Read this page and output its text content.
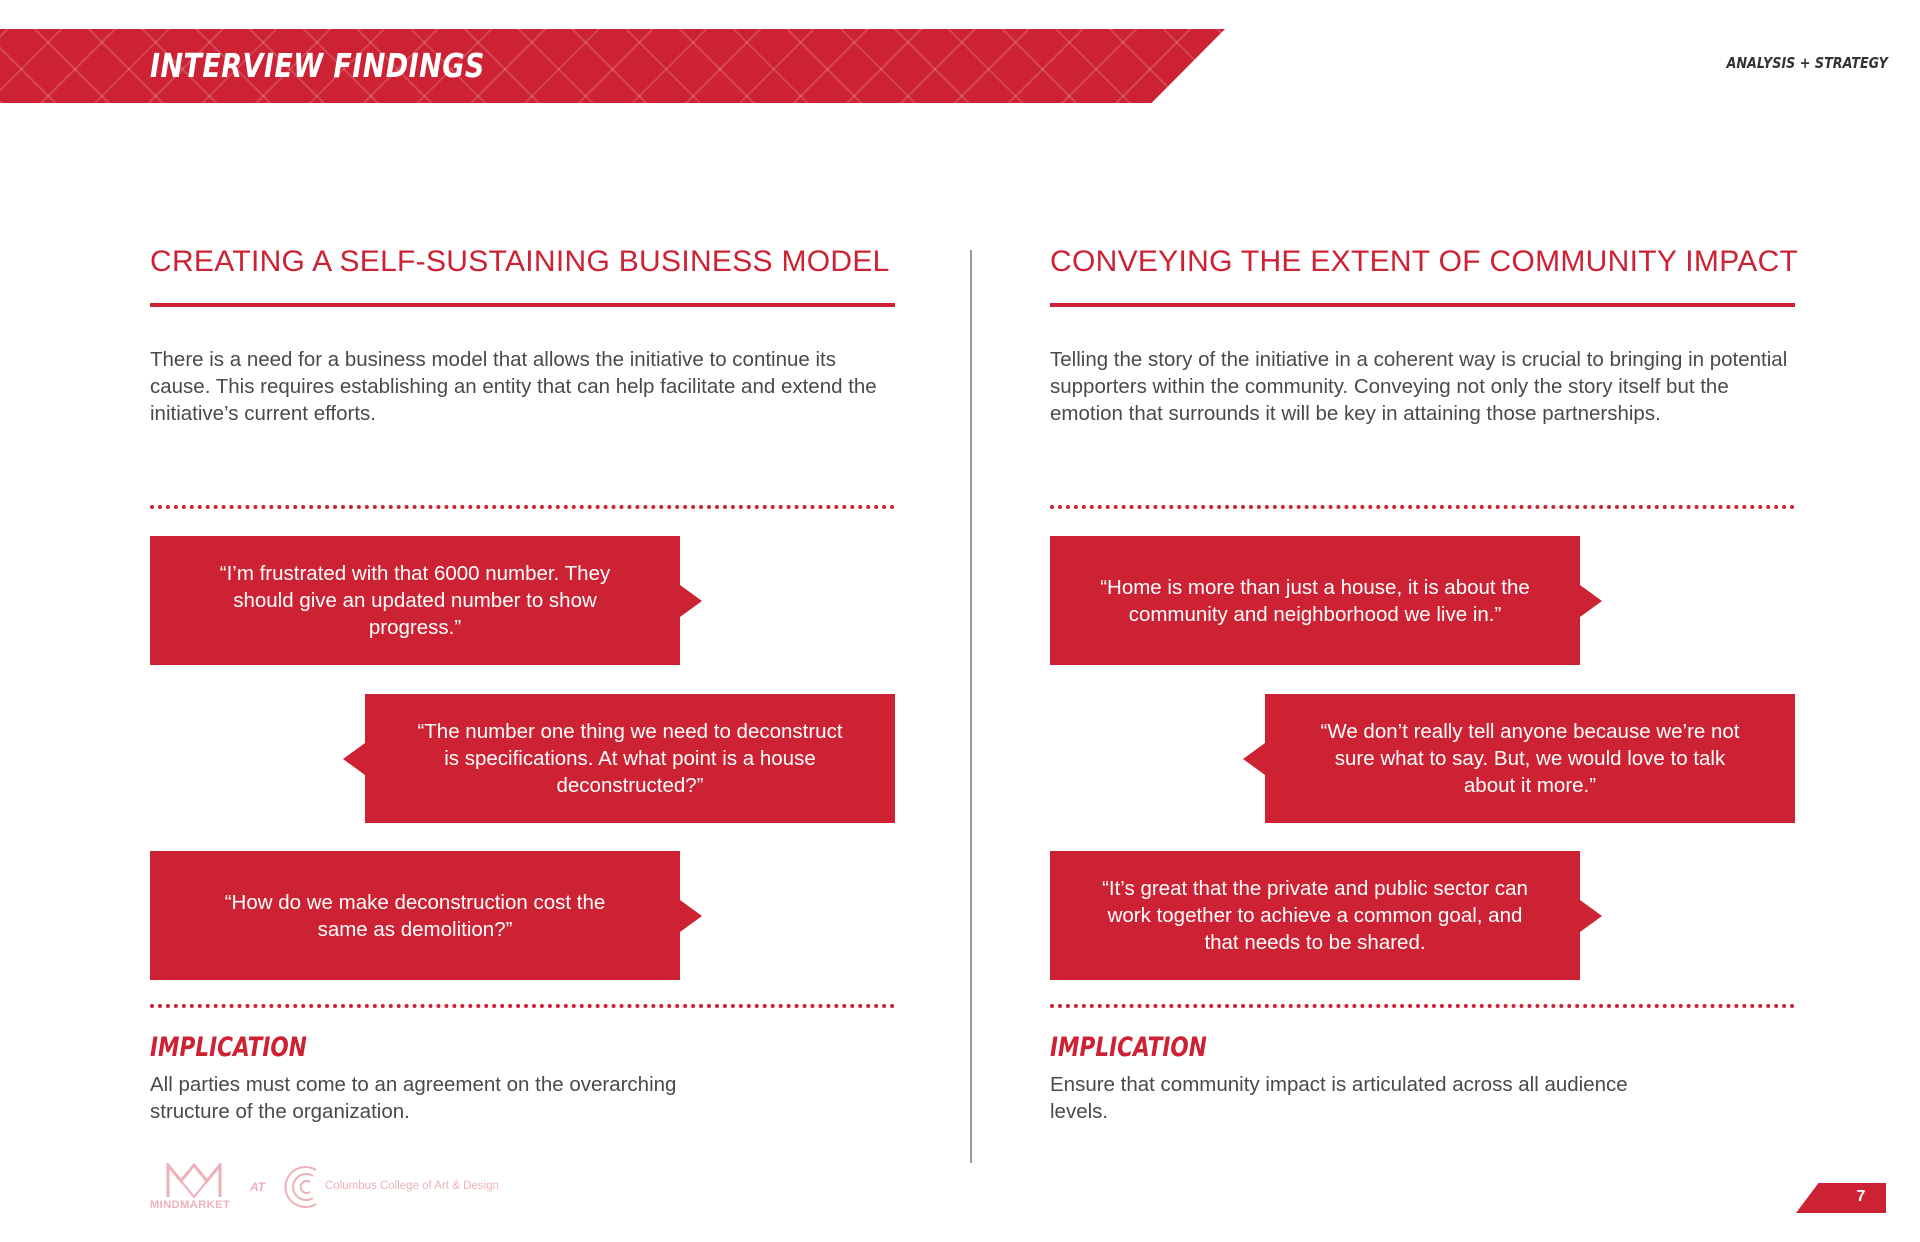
INTERVIEW FINDINGS	ANALYSIS + STRATEGY
CREATING A SELF-SUSTAINING BUSINESS MODEL

There is a need for a business model that allows the initiative to continue its cause. This requires establishing an entity that can help facilitate and extend the initiative’s current efforts.

“I’m frustrated with that 6000 number. They should give an updated number to show progress.”
“The number one thing we need to deconstruct is specifications. At what point is a house deconstructed?”
“How do we make deconstruction cost the same as demolition?”
IMPLICATION

All parties must come to an agreement on the overarching structure of the organization.

CONVEYING THE EXTENT OF COMMUNITY IMPACT

Telling the story of the initiative in a coherent way is crucial to bringing in potential supporters within the community. Conveying not only the story itself but the emotion that surrounds it will be key in attaining those partnerships.

“Home is more than just a house, it is about the community and neighborhood we live in.”
“We don’t really tell anyone because we’re not sure what to say. But, we would love to talk about it more.”
“It’s great that the private and public sector can work together to achieve a common goal, and that needs to be shared.
IMPLICATION

Ensure that community impact is articulated across all audience levels.

MINDMARKET
AT	Columbus College of Art & Design
7
